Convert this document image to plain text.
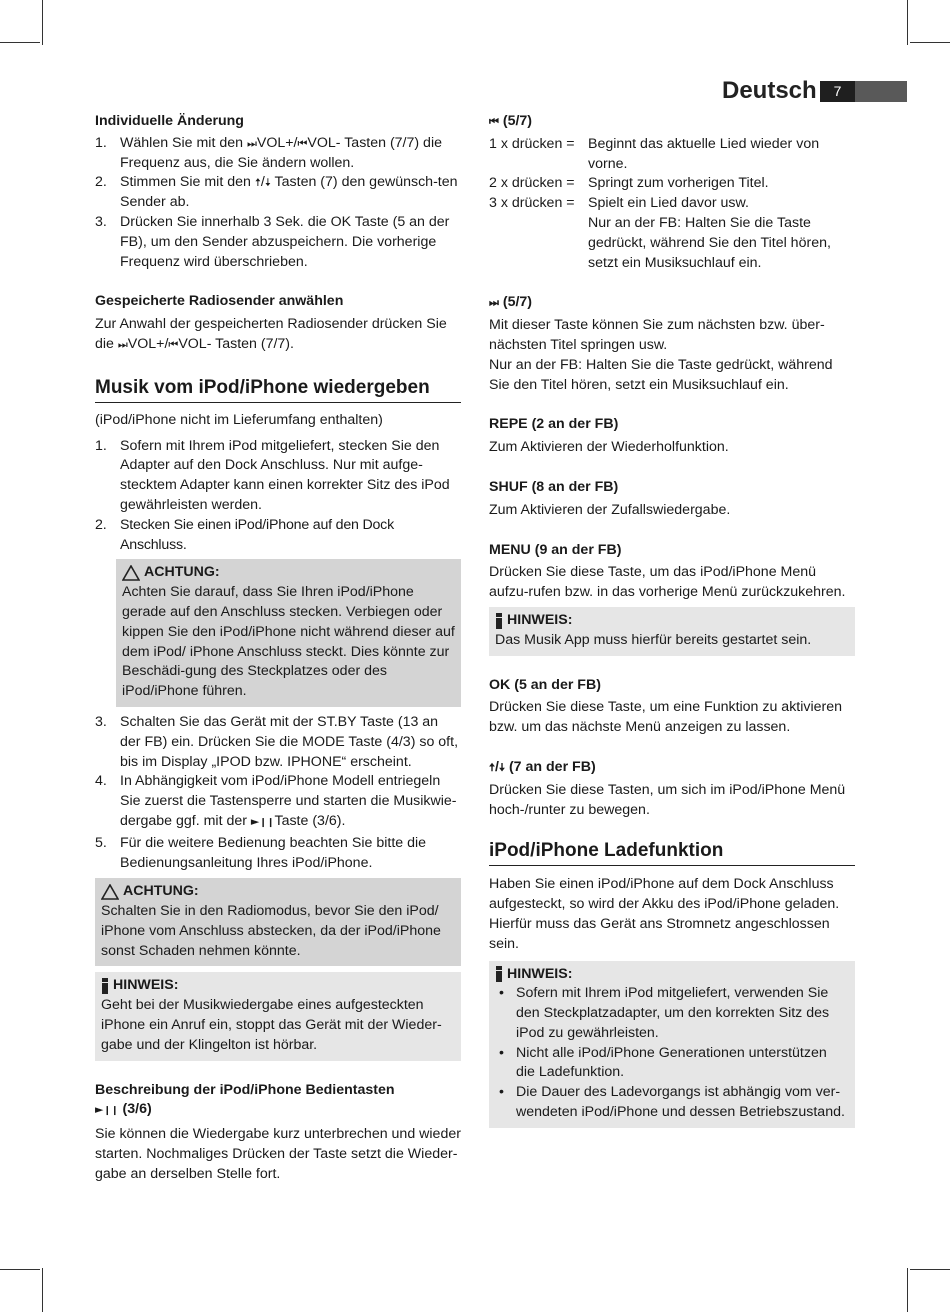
Deutsch	7

Individuelle Änderung

1. Wählen Sie mit den ⏭VOL+/⏮VOL- Tasten (7/7) die Frequenz aus, die Sie ändern wollen.
2. Stimmen Sie mit den 🠅/🠇 Tasten (7) den gewünsch-ten Sender ab.
3. Drücken Sie innerhalb 3 Sek. die OK Taste (5 an der FB), um den Sender abzuspeichern. Die vorherige Frequenz wird überschrieben.

Gespeicherte Radiosender anwählen

Zur Anwahl der gespeicherten Radiosender drücken Sie die ⏭VOL+/⏮VOL- Tasten (7/7).

Musik vom iPod/iPhone wiedergeben

(iPod/iPhone nicht im Lieferumfang enthalten)

1. Sofern mit Ihrem iPod mitgeliefert, stecken Sie den Adapter auf den Dock Anschluss. Nur mit aufge-stecktem Adapter kann einen korrekter Sitz des iPod gewährleisten werden.
2. Stecken Sie einen iPod/iPhone auf den Dock Anschluss.
ACHTUNG:

Achten Sie darauf, dass Sie Ihren iPod/iPhone gerade auf den Anschluss stecken. Verbiegen oder kippen Sie den iPod/iPhone nicht während dieser auf dem iPod/ iPhone Anschluss steckt. Dies könnte zur Beschädi-gung des Steckplatzes oder des iPod/iPhone führen.

3. Schalten Sie das Gerät mit der ST.BY Taste (13 an der FB) ein. Drücken Sie die MODE Taste (4/3) so oft, bis im Display „IPOD bzw. IPHONE“ erscheint.
4. In Abhängigkeit vom iPod/iPhone Modell entriegeln Sie zuerst die Tastensperre und starten die Musikwie-dergabe ggf. mit der ►❙❙Taste (3/6).
5. Für die weitere Bedienung beachten Sie bitte die Bedienungsanleitung Ihres iPod/iPhone.
ACHTUNG:

Schalten Sie in den Radiomodus, bevor Sie den iPod/ iPhone vom Anschluss abstecken, da der iPod/iPhone sonst Schaden nehmen könnte.

HINWEIS:

Geht bei der Musikwiedergabe eines aufgesteckten iPhone ein Anruf ein, stoppt das Gerät mit der Wieder-gabe und der Klingelton ist hörbar.

Beschreibung der iPod/iPhone Bedientasten

►❙❙ (3/6)

Sie können die Wiedergabe kurz unterbrechen und wieder starten. Nochmaliges Drücken der Taste setzt die Wieder-gabe an derselben Stelle fort.

⏮ (5/7)

1 x drücken = Beginnt das aktuelle Lied wieder von vorne.
2 x drücken = Springt zum vorherigen Titel.
3 x drücken = Spielt ein Lied davor usw.
Nur an der FB: Halten Sie die Taste gedrückt, während Sie den Titel hören, setzt ein Musiksuchlauf ein.

⏭ (5/7)

Mit dieser Taste können Sie zum nächsten bzw. über-nächsten Titel springen usw.

Nur an der FB: Halten Sie die Taste gedrückt, während Sie den Titel hören, setzt ein Musiksuchlauf ein.

REPE (2 an der FB)

Zum Aktivieren der Wiederholfunktion.

SHUF (8 an der FB)

Zum Aktivieren der Zufallswiedergabe.

MENU (9 an der FB)

Drücken Sie diese Taste, um das iPod/iPhone Menü aufzu-rufen bzw. in das vorherige Menü zurückzukehren.

HINWEIS:

Das Musik App muss hierfür bereits gestartet sein.

OK (5 an der FB)

Drücken Sie diese Taste, um eine Funktion zu aktivieren bzw. um das nächste Menü anzeigen zu lassen.

🠅/🠇 (7 an der FB)

Drücken Sie diese Tasten, um sich im iPod/iPhone Menü hoch-/runter zu bewegen.

iPod/iPhone Ladefunktion

Haben Sie einen iPod/iPhone auf dem Dock Anschluss aufgesteckt, so wird der Akku des iPod/iPhone geladen. Hierfür muss das Gerät ans Stromnetz angeschlossen sein.

HINWEIS:
• Sofern mit Ihrem iPod mitgeliefert, verwenden Sie den Steckplatzadapter, um den korrekten Sitz des iPod zu gewährleisten.
• Nicht alle iPod/iPhone Generationen unterstützen die Ladefunktion.
• Die Dauer des Ladevorgangs ist abhängig vom ver-wendeten iPod/iPhone und dessen Betriebszustand.
